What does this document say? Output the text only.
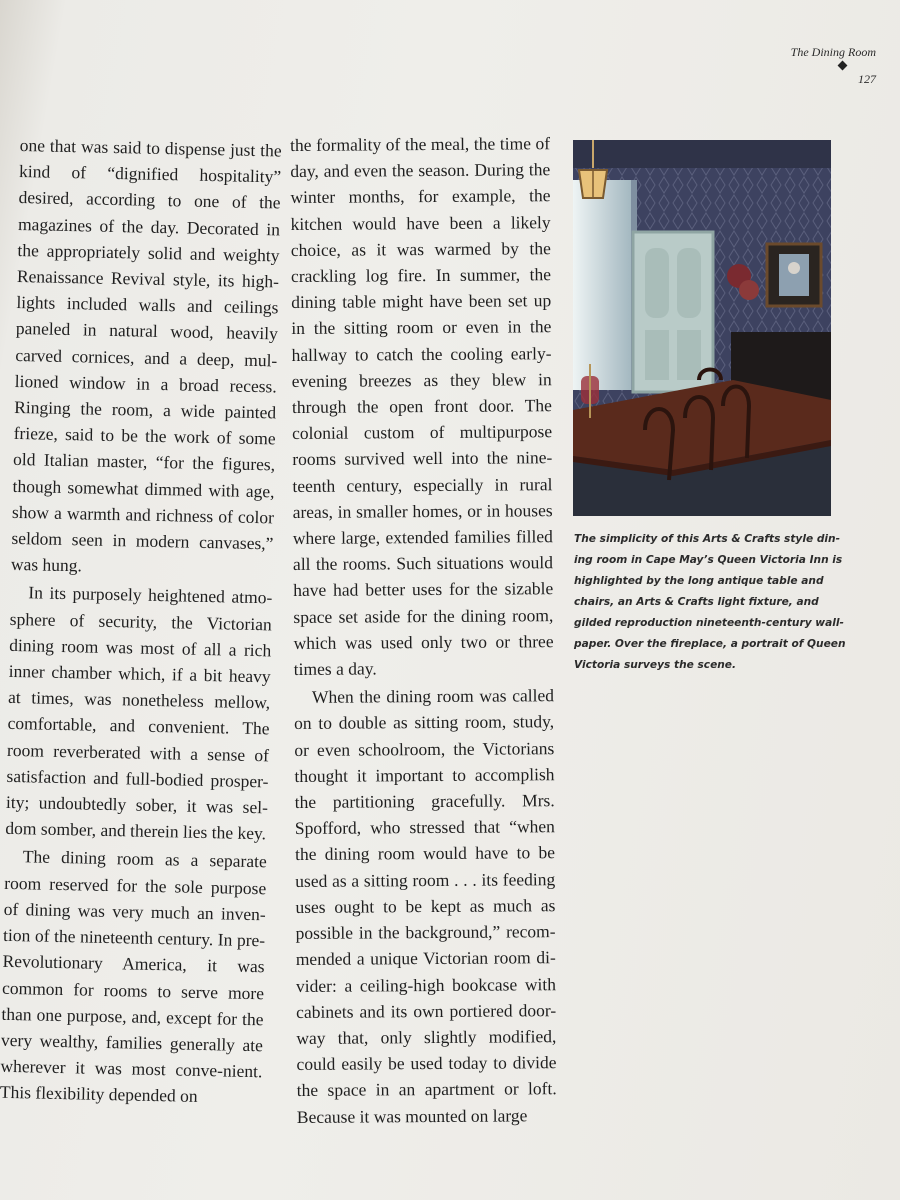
The Dining Room
127

one that was said to dispense just the kind of “dignified hospitality” desired, according to one of the magazines of the day. Decorated in the appropriately solid and weighty Renaissance Revival style, its high-lights included walls and ceilings paneled in natural wood, heavily carved cornices, and a deep, mul-lioned window in a broad recess. Ringing the room, a wide painted frieze, said to be the work of some old Italian master, “for the figures, though somewhat dimmed with age, show a warmth and richness of color seldom seen in modern canvases,” was hung.

In its purposely heightened atmo-sphere of security, the Victorian dining room was most of all a rich inner chamber which, if a bit heavy at times, was nonetheless mellow, comfortable, and convenient. The room reverberated with a sense of satisfaction and full-bodied prosper-ity; undoubtedly sober, it was sel-dom somber, and therein lies the key.

The dining room as a separate room reserved for the sole purpose of dining was very much an inven-tion of the nineteenth century. In pre-Revolutionary America, it was common for rooms to serve more than one purpose, and, except for the very wealthy, families generally ate wherever it was most conve-nient. This flexibility depended on

the formality of the meal, the time of day, and even the season. During the winter months, for example, the kitchen would have been a likely choice, as it was warmed by the crackling log fire. In summer, the dining table might have been set up in the sitting room or even in the hallway to catch the cooling early-evening breezes as they blew in through the open front door. The colonial custom of multipurpose rooms survived well into the nine-teenth century, especially in rural areas, in smaller homes, or in houses where large, extended families filled all the rooms. Such situations would have had better uses for the sizable space set aside for the dining room, which was used only two or three times a day.

When the dining room was called on to double as sitting room, study, or even schoolroom, the Victorians thought it important to accomplish the partitioning gracefully. Mrs. Spofford, who stressed that “when the dining room would have to be used as a sitting room . . . its feeding uses ought to be kept as much as possible in the background,” recom-mended a unique Victorian room di-vider: a ceiling-high bookcase with cabinets and its own portiered door-way that, only slightly modified, could easily be used today to divide the space in an apartment or loft. Because it was mounted on large

The simplicity of this Arts & Crafts style din-ing room in Cape May’s Queen Victoria Inn is highlighted by the long antique table and chairs, an Arts & Crafts light fixture, and gilded reproduction nineteenth-century wall-paper. Over the fireplace, a portrait of Queen Victoria surveys the scene.
